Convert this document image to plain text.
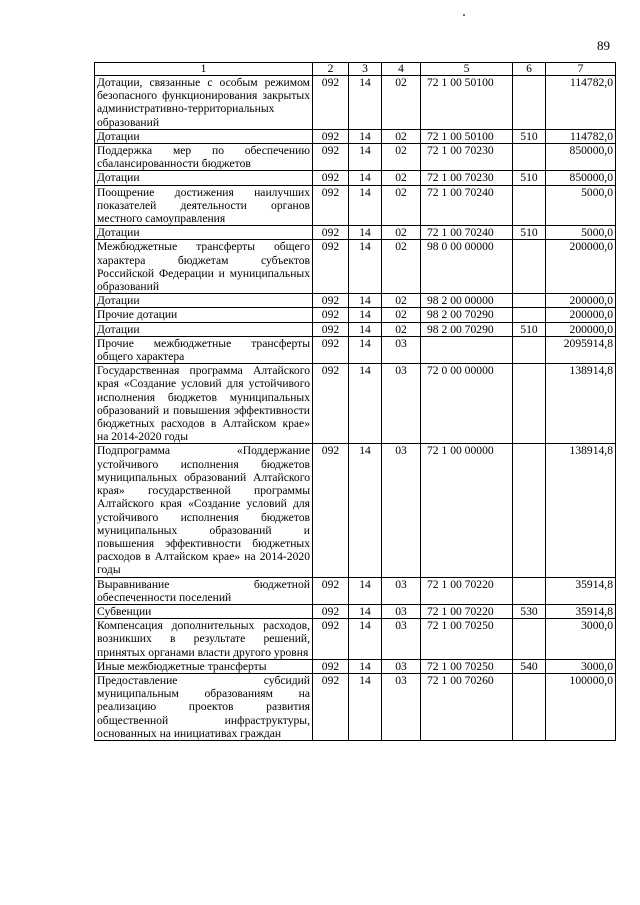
89
1	2	3	4	5	6	7
Дотации, связанные с особым режимом безопасного функционирования закрытых административно-территориальных образований	092	14	02	72 1 00 50100		114782,0
Дотации	092	14	02	72 1 00 50100	510	114782,0
Поддержка мер по обеспечению сбалансированности бюджетов	092	14	02	72 1 00 70230		850000,0
Дотации	092	14	02	72 1 00 70230	510	850000,0
Поощрение достижения наилучших показателей деятельности органов местного самоуправления	092	14	02	72 1 00 70240		5000,0
Дотации	092	14	02	72 1 00 70240	510	5000,0
Межбюджетные трансферты общего характера бюджетам субъектов Российской Федерации и муниципальных образований	092	14	02	98 0 00 00000		200000,0
Дотации	092	14	02	98 2 00 00000		200000,0
Прочие дотации	092	14	02	98 2 00 70290		200000,0
Дотации	092	14	02	98 2 00 70290	510	200000,0
Прочие межбюджетные трансферты общего характера	092	14	03			2095914,8
Государственная программа Алтайского края «Создание условий для устойчивого исполнения бюджетов муниципальных образований и повышения эффективности бюджетных расходов в Алтайском крае» на 2014-2020 годы	092	14	03	72 0 00 00000		138914,8
Подпрограмма «Поддержание устойчивого исполнения бюджетов муниципальных образований Алтайского края» государственной программы Алтайского края «Создание условий для устойчивого исполнения бюджетов муниципальных образований и повышения эффективности бюджетных расходов в Алтайском крае» на 2014-2020 годы	092	14	03	72 1 00 00000		138914,8
Выравнивание бюджетной обеспеченности поселений	092	14	03	72 1 00 70220		35914,8
Субвенции	092	14	03	72 1 00 70220	530	35914,8
Компенсация дополнительных расходов, возникших в результате решений, принятых органами власти другого уровня	092	14	03	72 1 00 70250		3000,0
Иные межбюджетные трансферты	092	14	03	72 1 00 70250	540	3000,0
Предоставление субсидий муниципальным образованиям на реализацию проектов развития общественной инфраструктуры, основанных на инициативах граждан	092	14	03	72 1 00 70260		100000,0
